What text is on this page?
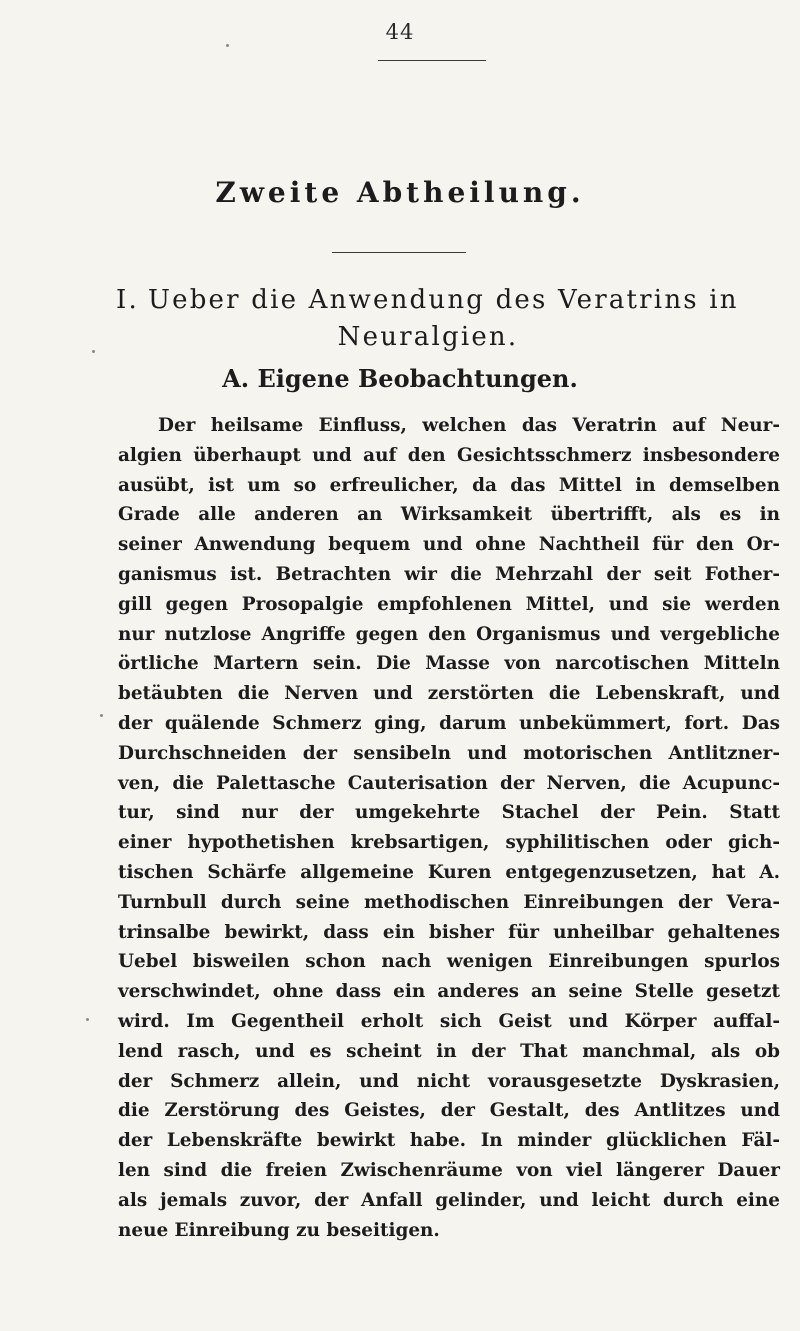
44
Zweite Abtheilung.
I. Ueber die Anwendung des Veratrins in
Neuralgien.
A. Eigene Beobachtungen.
Der heilsame Einfluss, welchen das Veratrin auf Neur-
algien überhaupt und auf den Gesichtsschmerz insbesondere
ausübt, ist um so erfreulicher, da das Mittel in demselben
Grade alle anderen an Wirksamkeit übertrifft, als es in
seiner Anwendung bequem und ohne Nachtheil für den Or-
ganismus ist. Betrachten wir die Mehrzahl der seit Fother-
gill gegen Prosopalgie empfohlenen Mittel, und sie werden
nur nutzlose Angriffe gegen den Organismus und vergebliche
örtliche Martern sein. Die Masse von narcotischen Mitteln
betäubten die Nerven und zerstörten die Lebenskraft, und
der quälende Schmerz ging, darum unbekümmert, fort. Das
Durchschneiden der sensibeln und motorischen Antlitzner-
ven, die Palettasche Cauterisation der Nerven, die Acupunc-
tur, sind nur der umgekehrte Stachel der Pein. Statt
einer hypothetishen krebsartigen, syphilitischen oder gich-
tischen Schärfe allgemeine Kuren entgegenzusetzen, hat A.
Turnbull durch seine methodischen Einreibungen der Vera-
trinsalbe bewirkt, dass ein bisher für unheilbar gehaltenes
Uebel bisweilen schon nach wenigen Einreibungen spurlos
verschwindet, ohne dass ein anderes an seine Stelle gesetzt
wird. Im Gegentheil erholt sich Geist und Körper auffal-
lend rasch, und es scheint in der That manchmal, als ob
der Schmerz allein, und nicht vorausgesetzte Dyskrasien,
die Zerstörung des Geistes, der Gestalt, des Antlitzes und
der Lebenskräfte bewirkt habe. In minder glücklichen Fäl-
len sind die freien Zwischenräume von viel längerer Dauer
als jemals zuvor, der Anfall gelinder, und leicht durch eine
neue Einreibung zu beseitigen.
